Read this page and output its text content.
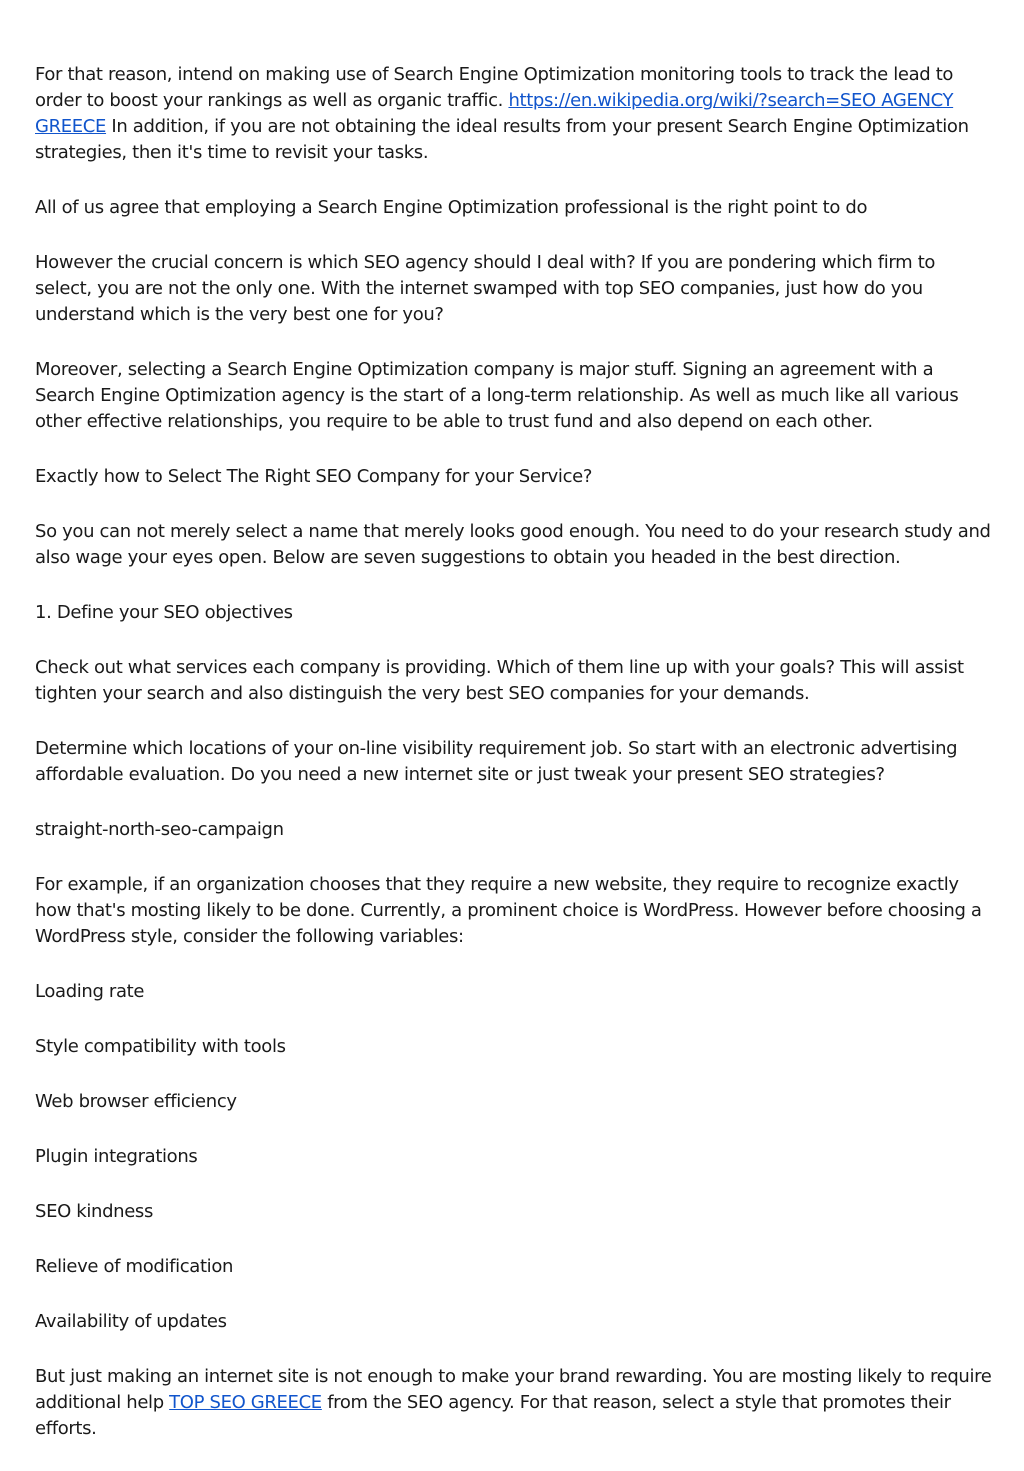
For that reason, intend on making use of Search Engine Optimization monitoring tools to track the lead to order to boost your rankings as well as organic traffic. https://en.wikipedia.org/wiki/?search=SEO AGENCY GREECE In addition, if you are not obtaining the ideal results from your present Search Engine Optimization strategies, then it's time to revisit your tasks.

All of us agree that employing a Search Engine Optimization professional is the right point to do

However the crucial concern is which SEO agency should I deal with? If you are pondering which firm to select, you are not the only one. With the internet swamped with top SEO companies, just how do you understand which is the very best one for you?

Moreover, selecting a Search Engine Optimization company is major stuff. Signing an agreement with a Search Engine Optimization agency is the start of a long-term relationship. As well as much like all various other effective relationships, you require to be able to trust fund and also depend on each other.

Exactly how to Select The Right SEO Company for your Service?

So you can not merely select a name that merely looks good enough. You need to do your research study and also wage your eyes open. Below are seven suggestions to obtain you headed in the best direction.

1. Define your SEO objectives

Check out what services each company is providing. Which of them line up with your goals? This will assist tighten your search and also distinguish the very best SEO companies for your demands.

Determine which locations of your on-line visibility requirement job. So start with an electronic advertising affordable evaluation. Do you need a new internet site or just tweak your present SEO strategies?

straight-north-seo-campaign

For example, if an organization chooses that they require a new website, they require to recognize exactly how that's mosting likely to be done. Currently, a prominent choice is WordPress. However before choosing a WordPress style, consider the following variables:

Loading rate

Style compatibility with tools

Web browser efficiency

Plugin integrations

SEO kindness

Relieve of modification

Availability of updates

But just making an internet site is not enough to make your brand rewarding. You are mosting likely to require additional help TOP SEO GREECE from the SEO agency. For that reason, select a style that promotes their efforts.
